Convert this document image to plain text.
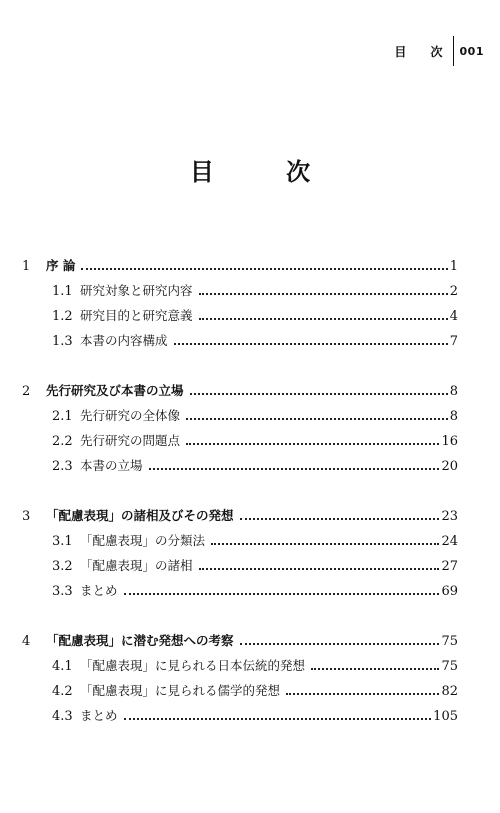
目 次 001
目 次
1	序 論	1
1.1 研究対象と研究内容	2
1.2 研究目的と研究意義	4
1.3 本書の内容構成	7
2	先行研究及び本書の立場	8
2.1 先行研究の全体像	8
2.2 先行研究の問題点	16
2.3 本書の立場	20
3	「配慮表現」の諸相及びその発想	23
3.1 「配慮表現」の分類法	24
3.2 「配慮表現」の諸相	27
3.3 まとめ	69
4	「配慮表現」に潜む発想への考察	75
4.1 「配慮表現」に見られる日本伝統的発想	75
4.2 「配慮表現」に見られる儒学的発想	82
4.3 まとめ	105
